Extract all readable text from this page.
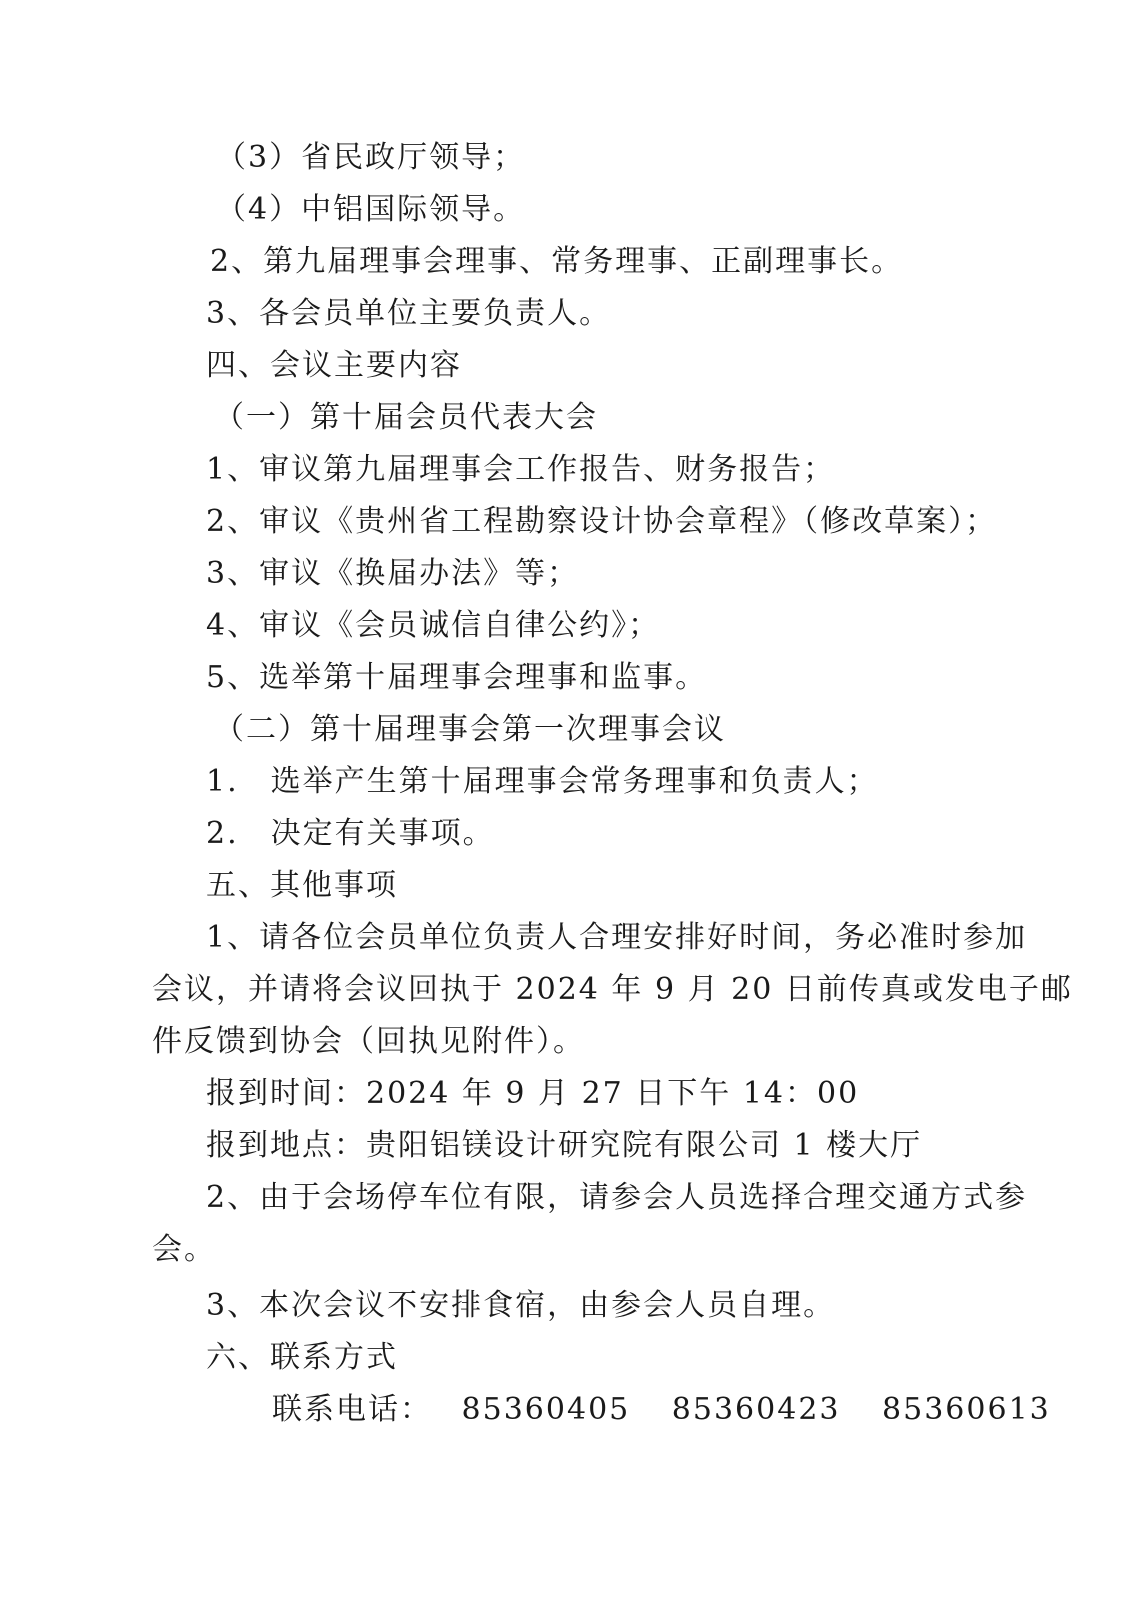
（3）省民政厅领导；
（4）中铝国际领导。
2、第九届理事会理事、常务理事、正副理事长。
3、各会员单位主要负责人。
四、会议主要内容
（一）第十届会员代表大会
1、审议第九届理事会工作报告、财务报告；
2、审议《贵州省工程勘察设计协会章程》（修改草案）；
3、审议《换届办法》等；
4、审议《会员诚信自律公约》；
5、选举第十届理事会理事和监事。
（二）第十届理事会第一次理事会议
1.　选举产生第十届理事会常务理事和负责人；
2.　决定有关事项。
五、其他事项
1、请各位会员单位负责人合理安排好时间，务必准时参加
会议，并请将会议回执于 2024 年 9 月 20 日前传真或发电子邮
件反馈到协会（回执见附件）。
报到时间：2024 年 9 月 27 日下午 14：00
报到地点：贵阳铝镁设计研究院有限公司 1 楼大厅
2、由于会场停车位有限，请参会人员选择合理交通方式参
会。
3、本次会议不安排食宿，由参会人员自理。
六、联系方式
联系电话： 85360405 85360423 85360613
